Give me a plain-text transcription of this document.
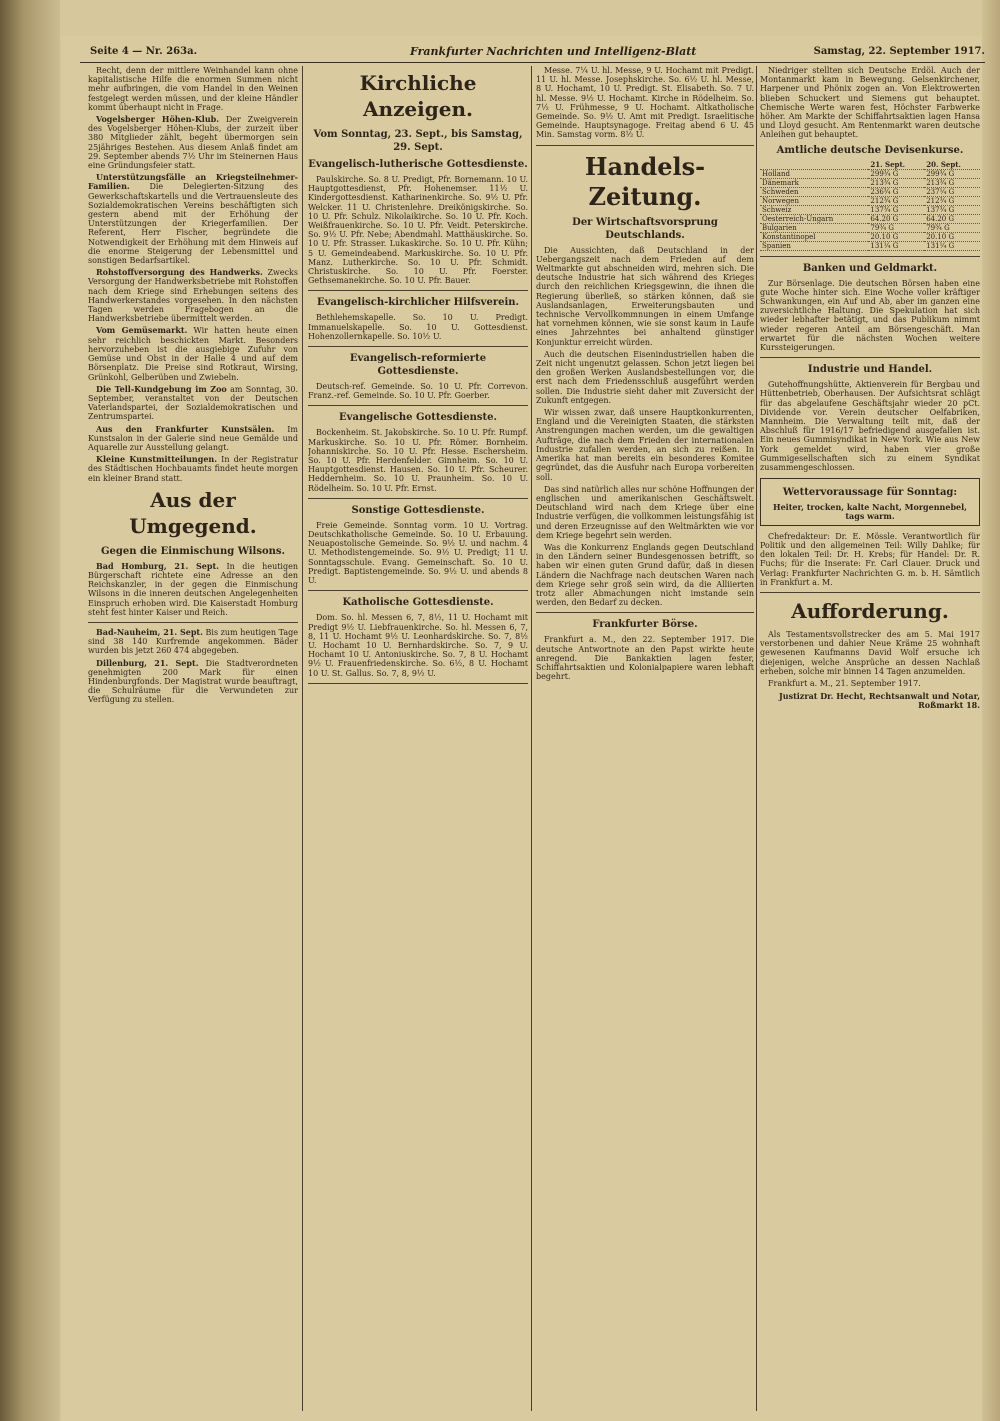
Seite 4 — Nr. 263a.	Frankfurter Nachrichten und Intelligenz-Blatt	Samstag, 22. September 1917.

Recht, denn der mittlere Weinhandel kann ohne kapitalistische Hilfe die enormen Summen nicht mehr aufbringen, die vom Handel in den Weinen festgelegt werden müssen, und der kleine Händler kommt überhaupt nicht in Frage.

Vogelsberger Höhen-Klub. Der Zweigverein des Vogelsberger Höhen-Klubs, der zurzeit über 380 Mitglieder zählt, begeht übermorgen sein 25jähriges Bestehen. Aus diesem Anlaß findet am 29. September abends 7½ Uhr im Steinernen Haus eine Gründungsfeier statt.

Unterstützungsfälle an Kriegsteilnehmer-Familien. Die Delegierten-Sitzung des Gewerkschaftskartells und die Vertrauensleute des Sozialdemokratischen Vereins beschäftigten sich gestern abend mit der Erhöhung der Unterstützungen der Kriegerfamilien. Der Referent, Herr Fischer, begründete die Notwendigkeit der Erhöhung mit dem Hinweis auf die enorme Steigerung der Lebensmittel und sonstigen Bedarfsartikel.

Rohstoffversorgung des Handwerks. Zwecks Versorgung der Handwerksbetriebe mit Rohstoffen nach dem Kriege sind Erhebungen seitens des Handwerkerstandes vorgesehen. In den nächsten Tagen werden Fragebogen an die Handwerksbetriebe übermittelt werden.

Vom Gemüsemarkt. Wir hatten heute einen sehr reichlich beschickten Markt. Besonders hervorzuheben ist die ausgiebige Zufuhr von Gemüse und Obst in der Halle 4 und auf dem Börsenplatz. Die Preise sind Rotkraut, Wirsing, Grünkohl, Gelberüben und Zwiebeln.

Die Tell-Kundgebung im Zoo am Sonntag, 30. September, veranstaltet von der Deutschen Vaterlandspartei, der Sozialdemokratischen und Zentrumspartei.

Aus den Frankfurter Kunstsälen. Im Kunstsalon in der Galerie sind neue Gemälde und Aquarelle zur Ausstellung gelangt.

Kleine Kunstmitteilungen. In der Registratur des Städtischen Hochbauamts findet heute morgen ein kleiner Brand statt.

Aus der Umgegend.
Gegen die Einmischung Wilsons.

Bad Homburg, 21. Sept. In die heutigen Bürgerschaft richtete eine Adresse an den Reichskanzler, in der gegen die Einmischung Wilsons in die inneren deutschen Angelegenheiten Einspruch erhoben wird. Die Kaiserstadt Homburg steht fest hinter Kaiser und Reich.

Bad-Nauheim, 21. Sept. Bis zum heutigen Tage sind 38 140 Kurfremde angekommen. Bäder wurden bis jetzt 260 474 abgegeben.

Dillenburg, 21. Sept. Die Stadtverordneten genehmigten 200 Mark für einen Hindenburgfonds. Der Magistrat wurde beauftragt, die Schulräume für die Verwundeten zur Verfügung zu stellen.

Kirchliche Anzeigen.
Vom Sonntag, 23. Sept., bis Samstag, 29. Sept.
Evangelisch-lutherische Gottesdienste.

Paulskirche. So. 8 U. Predigt, Pfr. Bornemann. 10 U. Hauptgottesdienst, Pfr. Hohenemser. 11½ U. Kindergottesdienst. Katharinenkirche. So. 9½ U. Pfr. Welcker. 11 U. Christenlehre. Dreikönigskirche. So. 10 U. Pfr. Schulz. Nikolaikirche. So. 10 U. Pfr. Koch. Weißfrauenkirche. So. 10 U. Pfr. Veidt. Peterskirche. So. 9½ U. Pfr. Nebe; Abendmahl. Matthäuskirche. So. 10 U. Pfr. Strasser. Lukaskirche. So. 10 U. Pfr. Kühn; 5 U. Gemeindeabend. Markuskirche. So. 10 U. Pfr. Manz. Lutherkirche. So. 10 U. Pfr. Schmidt. Christuskirche. So. 10 U. Pfr. Foerster. Gethsemanekirche. So. 10 U. Pfr. Bauer.

Evangelisch-kirchlicher Hilfsverein.

Bethlehemskapelle. So. 10 U. Predigt. Immanuelskapelle. So. 10 U. Gottesdienst. Hohenzollernkapelle. So. 10½ U.

Evangelisch-reformierte Gottesdienste.

Deutsch-ref. Gemeinde. So. 10 U. Pfr. Correvon. Franz.-ref. Gemeinde. So. 10 U. Pfr. Goerber.

Evangelische Gottesdienste.

Bockenheim. St. Jakobskirche. So. 10 U. Pfr. Rumpf. Markuskirche. So. 10 U. Pfr. Römer. Bornheim. Johanniskirche. So. 10 U. Pfr. Hesse. Eschersheim. So. 10 U. Pfr. Herdenfelder. Ginnheim. So. 10 U. Hauptgottesdienst. Hausen. So. 10 U. Pfr. Scheurer. Heddernheim. So. 10 U. Praunheim. So. 10 U. Rödelheim. So. 10 U. Pfr. Ernst.

Sonstige Gottesdienste.

Freie Gemeinde. Sonntag vorm. 10 U. Vortrag. Deutschkatholische Gemeinde. So. 10 U. Erbauung. Neuapostolische Gemeinde. So. 9½ U. und nachm. 4 U. Methodistengemeinde. So. 9½ U. Predigt; 11 U. Sonntagsschule. Evang. Gemeinschaft. So. 10 U. Predigt. Baptistengemeinde. So. 9½ U. und abends 8 U.

Katholische Gottesdienste.

Dom. So. hl. Messen 6, 7, 8½, 11 U. Hochamt mit Predigt 9½ U. Liebfrauenkirche. So. hl. Messen 6, 7, 8, 11 U. Hochamt 9½ U. Leonhardskirche. So. 7, 8½ U. Hochamt 10 U. Bernhardskirche. So. 7, 9 U. Hochamt 10 U. Antoniuskirche. So. 7, 8 U. Hochamt 9½ U. Frauenfriedenskirche. So. 6½, 8 U. Hochamt 10 U. St. Gallus. So. 7, 8, 9½ U.

Messe. 7¼ U. hl. Messe, 9 U. Hochamt mit Predigt. 11 U. hl. Messe. Josephskirche. So. 6½ U. hl. Messe, 8 U. Hochamt, 10 U. Predigt. St. Elisabeth. So. 7 U. hl. Messe. 9½ U. Hochamt. Kirche in Rödelheim. So. 7½ U. Frühmesse, 9 U. Hochamt. Altkatholische Gemeinde. So. 9½ U. Amt mit Predigt. Israelitische Gemeinde. Hauptsynagoge. Freitag abend 6 U. 45 Min. Samstag vorm. 8½ U.

Handels-Zeitung.
Der Wirtschaftsvorsprung Deutschlands.

Die Aussichten, daß Deutschland in der Uebergangszeit nach dem Frieden auf dem Weltmarkte gut abschneiden wird, mehren sich. Die deutsche Industrie hat sich während des Krieges durch den reichlichen Kriegsgewinn, die ihnen die Regierung überließ, so stärken können, daß sie Auslandsanlagen, Erweiterungsbauten und technische Vervollkommnungen in einem Umfange hat vornehmen können, wie sie sonst kaum in Laufe eines Jahrzehntes bei anhaltend günstiger Konjunktur erreicht würden.

Auch die deutschen Eisenindustriellen haben die Zeit nicht ungenutzt gelassen. Schon jetzt liegen bei den großen Werken Auslandsbestellungen vor, die erst nach dem Friedensschluß ausgeführt werden sollen. Die Industrie sieht daher mit Zuversicht der Zukunft entgegen.

Wir wissen zwar, daß unsere Hauptkonkurrenten, England und die Vereinigten Staaten, die stärksten Anstrengungen machen werden, um die gewaltigen Aufträge, die nach dem Frieden der internationalen Industrie zufallen werden, an sich zu reißen. In Amerika hat man bereits ein besonderes Komitee gegründet, das die Ausfuhr nach Europa vorbereiten soll.

Das sind natürlich alles nur schöne Hoffnungen der englischen und amerikanischen Geschäftswelt. Deutschland wird nach dem Kriege über eine Industrie verfügen, die vollkommen leistungsfähig ist und deren Erzeugnisse auf den Weltmärkten wie vor dem Kriege begehrt sein werden.

Was die Konkurrenz Englands gegen Deutschland in den Ländern seiner Bundesgenossen betrifft, so haben wir einen guten Grund dafür, daß in diesen Ländern die Nachfrage nach deutschen Waren nach dem Kriege sehr groß sein wird, da die Alliierten trotz aller Abmachungen nicht imstande sein werden, den Bedarf zu decken.

Frankfurter Börse.

Frankfurt a. M., den 22. September 1917. Die deutsche Antwortnote an den Papst wirkte heute anregend. Die Bankaktien lagen fester, Schiffahrtsaktien und Kolonialpapiere waren lebhaft begehrt.

Niedriger stellten sich Deutsche Erdöl. Auch der Montanmarkt kam in Bewegung. Gelsenkirchener, Harpener und Phönix zogen an. Von Elektrowerten blieben Schuckert und Siemens gut behauptet. Chemische Werte waren fest, Höchster Farbwerke höher. Am Markte der Schiffahrtsaktien lagen Hansa und Lloyd gesucht. Am Rentenmarkt waren deutsche Anleihen gut behauptet.

Amtliche deutsche Devisenkurse.
	21. Sept.	20. Sept.
Holland	299¾ G	299¾ G
Dänemark	213¾ G	213¾ G
Schweden	236¾ G	237¼ G
Norwegen	212¾ G	212¾ G
Schweiz	137¾ G	137¾ G
Oesterreich-Ungarn	64.20 G	64.20 G
Bulgarien	79¾ G	79¾ G
Konstantinopel	20.10 G	20.10 G
Spanien	131¼ G	131¼ G
Banken und Geldmarkt.

Zur Börsenlage. Die deutschen Börsen haben eine gute Woche hinter sich. Eine Woche voller kräftiger Schwankungen, ein Auf und Ab, aber im ganzen eine zuversichtliche Haltung. Die Spekulation hat sich wieder lebhafter betätigt, und das Publikum nimmt wieder regeren Anteil am Börsengeschäft. Man erwartet für die nächsten Wochen weitere Kurssteigerungen.

Industrie und Handel.

Gutehoffnungshütte, Aktienverein für Bergbau und Hüttenbetrieb, Oberhausen. Der Aufsichtsrat schlägt für das abgelaufene Geschäftsjahr wieder 20 pCt. Dividende vor. Verein deutscher Oelfabriken, Mannheim. Die Verwaltung teilt mit, daß der Abschluß für 1916/17 befriedigend ausgefallen ist. Ein neues Gummisyndikat in New York. Wie aus New York gemeldet wird, haben vier große Gummigesellschaften sich zu einem Syndikat zusammengeschlossen.

Wettervoraussage für Sonntag:
Heiter, trocken, kalte Nacht, Morgennebel, tags warm.

Chefredakteur: Dr. E. Mössle. Verantwortlich für Politik und den allgemeinen Teil: Willy Dahlke; für den lokalen Teil: Dr. H. Krebs; für Handel: Dr. R. Fuchs; für die Inserate: Fr. Carl Clauer. Druck und Verlag: Frankfurter Nachrichten G. m. b. H. Sämtlich in Frankfurt a. M.

Aufforderung.

Als Testamentsvollstrecker des am 5. Mai 1917 verstorbenen und dahier Neue Kräme 25 wohnhaft gewesenen Kaufmanns David Wolf ersuche ich diejenigen, welche Ansprüche an dessen Nachlaß erheben, solche mir binnen 14 Tagen anzumelden.

Frankfurt a. M., 21. September 1917.

Justizrat Dr. Hecht, Rechtsanwalt und Notar, Roßmarkt 18.
